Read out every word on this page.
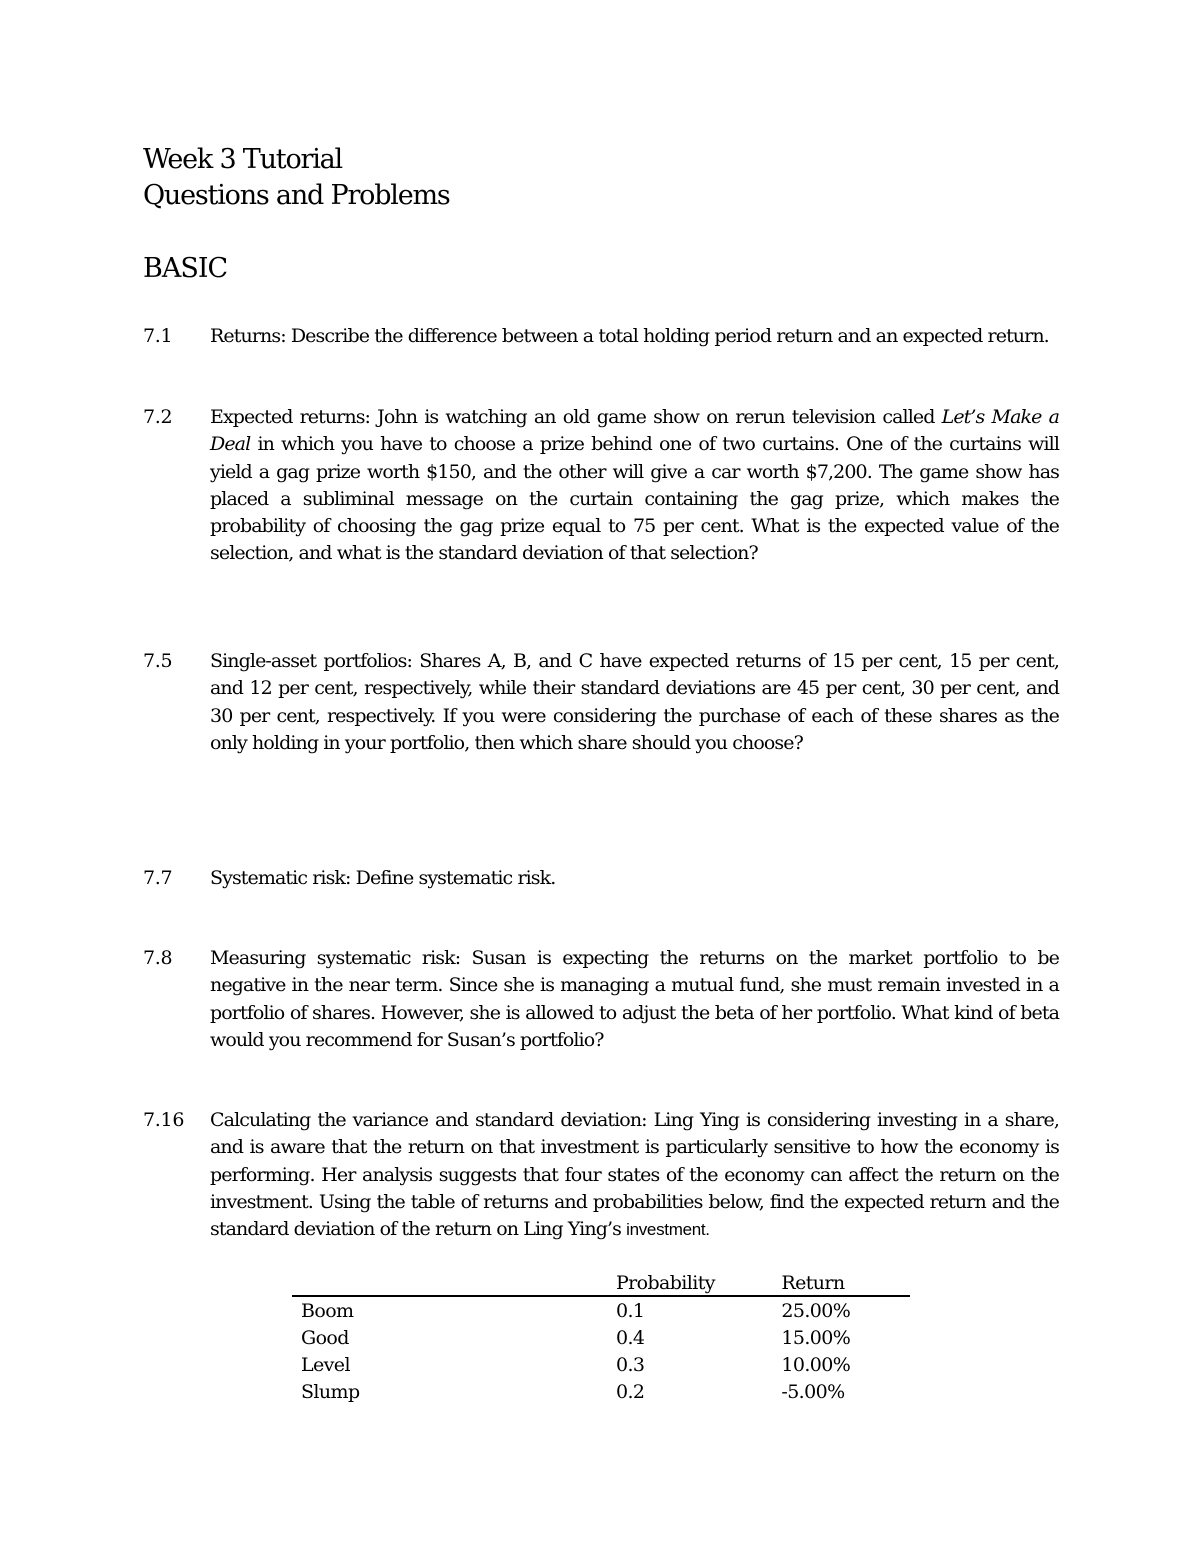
Week 3 Tutorial
Questions and Problems
BASIC
7.1 Returns: Describe the difference between a total holding period return and an expected return.

7.2 Expected returns: John is watching an old game show on rerun television called Let’s Make a Deal in which you have to choose a prize behind one of two curtains. One of the curtains will yield a gag prize worth $150, and the other will give a car worth $7,200. The game show has placed a subliminal message on the curtain containing the gag prize, which makes the probability of choosing the gag prize equal to 75 per cent. What is the expected value of the selection, and what is the standard deviation of that selection?

7.5 Single-asset portfolios: Shares A, B, and C have expected returns of 15 per cent, 15 per cent, and 12 per cent, respectively, while their standard deviations are 45 per cent, 30 per cent, and 30 per cent, respectively. If you were considering the purchase of each of these shares as the only holding in your portfolio, then which share should you choose?

7.7 Systematic risk: Define systematic risk.

7.8 Measuring systematic risk: Susan is expecting the returns on the market portfolio to be negative in the near term. Since she is managing a mutual fund, she must remain invested in a portfolio of shares. However, she is allowed to adjust the beta of her portfolio. What kind of beta would you recommend for Susan’s portfolio?

7.16 Calculating the variance and standard deviation: Ling Ying is considering investing in a share, and is aware that the return on that investment is particularly sensitive to how the economy is performing. Her analysis suggests that four states of the economy can affect the return on the investment. Using the table of returns and probabilities below, find the expected return and the standard deviation of the return on Ling Ying’s investment.

	Probability	Return
Boom	0.1	25.00%
Good	0.4	15.00%
Level	0.3	10.00%
Slump	0.2	-5.00%
